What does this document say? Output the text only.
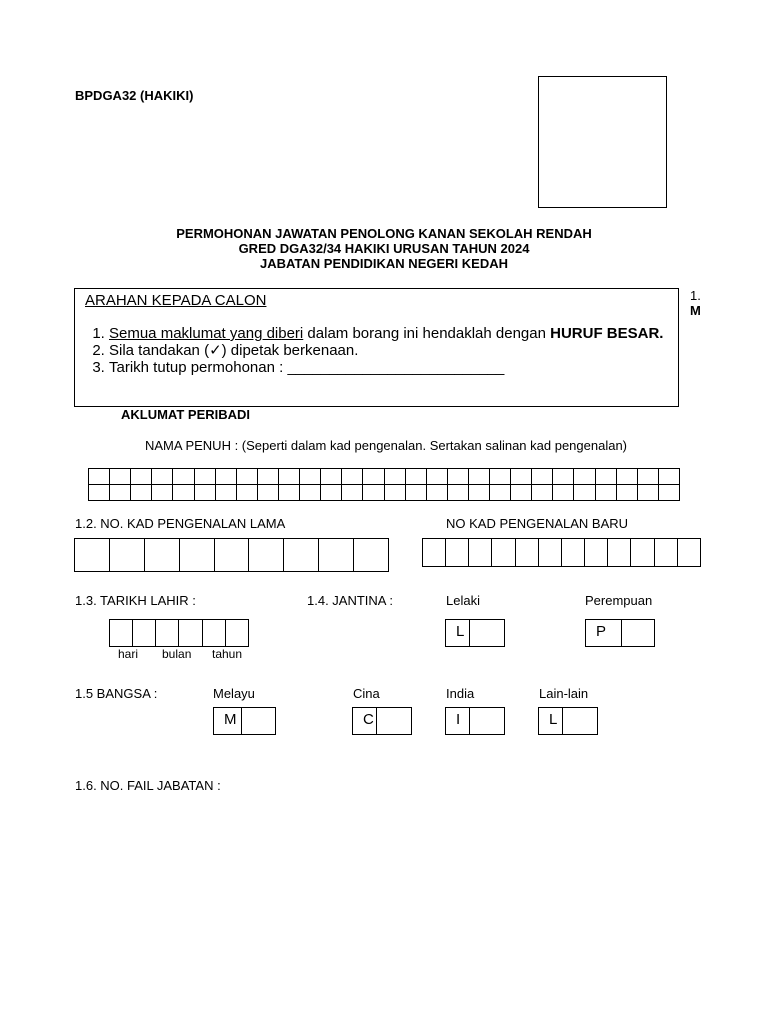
BPDGA32 (HAKIKI)
PERMOHONAN JAWATAN PENOLONG KANAN SEKOLAH RENDAH
GRED DGA32/34 HAKIKI URUSAN TAHUN 2024
JABATAN PENDIDIKAN NEGERI KEDAH
ARAHAN KEPADA CALON
1. Semua maklumat yang diberi dalam borang ini hendaklah dengan HURUF BESAR.
2. Sila tandakan (✓) dipetak berkenaan.
3. Tarikh tutup permohonan : __________________________
1.
M
AKLUMAT PERIBADI
NAMA PENUH : (Seperti dalam kad pengenalan. Sertakan salinan kad pengenalan)
1.2. NO. KAD PENGENALAN LAMA	NO KAD PENGENALAN BARU
1.3. TARIKH LAHIR :	1.4. JANTINA :	Lelaki	Perempuan
hari bulan tahun
L	P
1.5 BANGSA :	Melayu	Cina	India	Lain-lain
M	C	I	L
1.6. NO. FAIL JABATAN :
